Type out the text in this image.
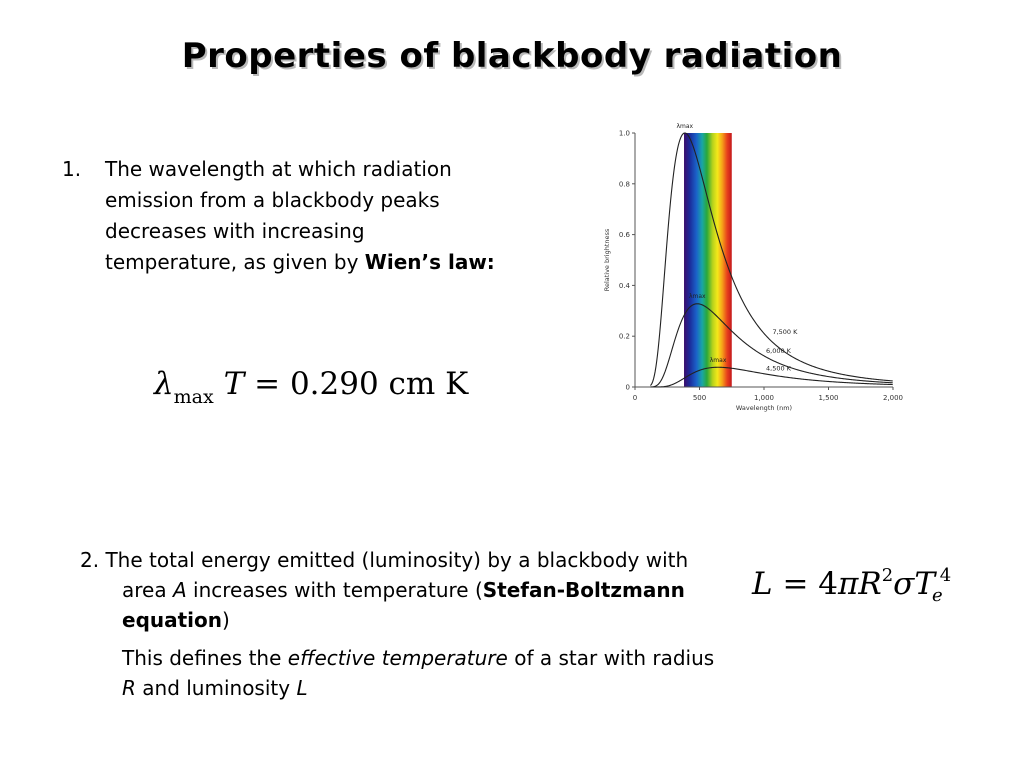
Properties of blackbody radiation
1. The wavelength at which radiation emission from a blackbody peaks decreases with increasing temperature, as given by Wien’s law:
$\lambda_{max}$ T = 0.290 cm K	0	500	1,000	1,500	2,000
0
0.2
0.4
0.6
0.8
1.0
Wavelength (nm)
Relative brightness
λmax
7,500 K
λmax
6,000 K
λmax
4,500 K
2. The total energy emitted (luminosity) by a blackbody with area A increases with temperature (Stefan-Boltzmann equation)
This defines the effective temperature of a star with radius R and luminosity L
$L = 4\pi R^2\sigma T_e^4$
